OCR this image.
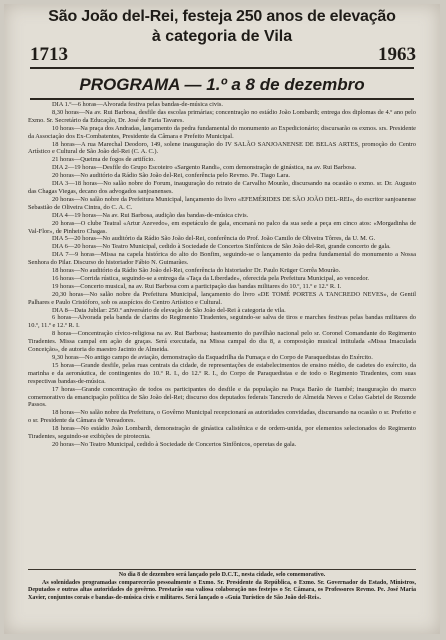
São João del-Rei, festeja 250 anos de elevação
1713
à categoria de Vila
1963
PROGRAMA — 1.º a 8 de dezembro

DIA 1.º—6 horas—Alvorada festiva pelas bandas-de-música civis.

8,30 horas—Na av. Rui Barbosa, desfile das escolas primárias; concentração no estádio João Lombardi; entrega dos diplomas de 4.º ano pelo Exmo. Sr. Secretário da Educação, Dr. José de Faria Tavares.

10 horas—Na praça dos Andradas, lançamento da pedra fundamental do monumento ao Expedicionário; discursarão os exmos. srs. Presidente da Associação dos Ex-Combatentes, Presidente da Câmara e Prefeito Municipal.

18 horas—A rua Marechal Deodoro, 149, solene inauguração do IV SALÃO SANJOANENSE DE BELAS ARTES, promoção do Centro Artístico e Cultural de São João del-Rei (C. A. C.).

21 horas—Queima de fogos de artifício.

DIA 2—19 horas—Desfile do Grupo Escoteiro «Sargento Randi», com demonstração de ginástica, na av. Rui Barbosa.

20 horas—No auditório da Rádio São João del-Rei, conferência pelo Revmo. Pe. Tiago Lara.

DIA 3—18 horas—No salão nobre do Forum, inauguração do retrato de Carvalho Mourão, discursando na ocasião o exmo. sr. Dr. Augusto das Chagas Viegas, decano dos advogados sanjoanenses.

20 horas—No salão nobre da Prefeitura Municipal, lançamento do livro «EFEMÉRIDES DE SÃO JOÃO DEL-REI», do escritor sanjoanense Sebastião de Oliveira Cintra, do C. A. C.

DIA 4—19 horas—Na av. Rui Barbosa, audição das bandas-de-música civis.

20 horas—O clube Teatral «Artur Azevedo», em espetáculo de gala, encenará no palco da sua sede a peça em cinco atos: «Morgadinha de Val-Flor», de Pinheiro Chagas.

DIA 5—20 horas—No auditório da Rádio São João del-Rei, conferência do Prof. João Camilo de Oliveira Tôrres, da U. M. G.

DIA 6—20 horas—No Teatro Municipal, cedido à Sociedade de Concertos Sinfônicos de São João del-Rei, grande concerto de gala.

DIA 7—9 horas—Missa na capela histórica do alto do Bonfim, seguindo-se o lançamento da pedra fundamental do monumento a Nossa Senhora do Pilar. Discurso do historiador Fábio N. Guimarães.

18 horas—No auditório da Rádio São João del-Rei, conferência do historiador Dr. Paulo Krüger Corrêa Mourão.

16 horas—Corrida rústica, seguindo-se a entrega da «Taça da Liberdade», oferecida pela Prefeitura Municipal, ao vencedor.

19 horas—Concerto musical, na av. Rui Barbosa com a participação das bandas militares do 10.º, 11.º e 12.º R. I.

20,30 horas—No salão nobre da Prefeitura Municipal, lançamento do livro «DE TOMÉ PORTES A TANCREDO NEVES», de Gentil Palhares e Paulo Cristóforo, sob os auspícios do Centro Artístico e Cultural.

DIA 8—Data Jubilar: 250.º aniversário de elevação de São João del-Rei à categoria de vila.

6 horas—Alvorada pela banda de clarins do Regimento Tiradentes, seguindo-se salva de tiros e marches festivas pelas bandas militares do 10.º, 11.º e 12.º R. I.

8 horas—Concentração cívico-religiosa na av. Rui Barbosa; hasteamento do pavilhão nacional pelo sr. Coronel Comandante do Regimento Tiradentes. Missa campal em ação de graças. Será executada, na Missa campal do dia 8, a composição musical intitulada «Missa Imaculada Conceição», de autoria do maestro Jacinto de Almeida.

9,30 horas—No antigo campo de aviação, demonstração da Esquadrilha da Fumaça e do Corpo de Paraquedistas do Exército.

15 horas—Grande desfile, pelas ruas centrais da cidade, de representações de estabelecimentos de ensino médio, de cadetes do exército, da marinha e da aeronáutica, de contingentes do 10.º R. I., do 12.º R. I., do Corpo de Paraquedistas e de todo o Regimento Tiradentes, com suas respectivas bandas-de-música.

17 horas—Grande concentração de todos os participantes do desfile e da população na Praça Barão de Itambé; inauguração do marco comemorativo da emancipação política de São João del-Rei; discurso dos deputados federais Tancredo de Almeida Neves e Celso Gabriel de Rezende Passos.

18 horas—No salão nobre da Prefeitura, o Govêrno Municipal recepcionará as autoridades convidadas, discursando na ocasião o sr. Prefeito e o sr. Presidente da Câmara de Vereadores.

18 horas—No estádio João Lombardi, demonstração de ginástica calistênica e de ordem-unida, por elementos selecionados do Regimento Tiradentes, seguindo-se exibições de pirotecnia.

20 horas—No Teatro Municipal, cedido à Sociedade de Concertos Sinfônicos, operetas de gala.

No dia 8 de dezembro será lançado pelo D.C.T., nesta cidade, selo comemorativo.

As solenidades programadas comparecerão pessoalmente o Exmo. Sr. Presidente da República, o Exmo. Sr. Governador do Estado, Ministros, Deputados e outras altas autoridades do govêrno. Prestarão sua valiosa colaboração nos festejos o Sr. Câmara, os Professores Revmo. Pe. José Maria Xavier, conjuntos corais e bandas-de-música civis e militares. Será lançado o «Guia Turístico de São João del-Rei».
